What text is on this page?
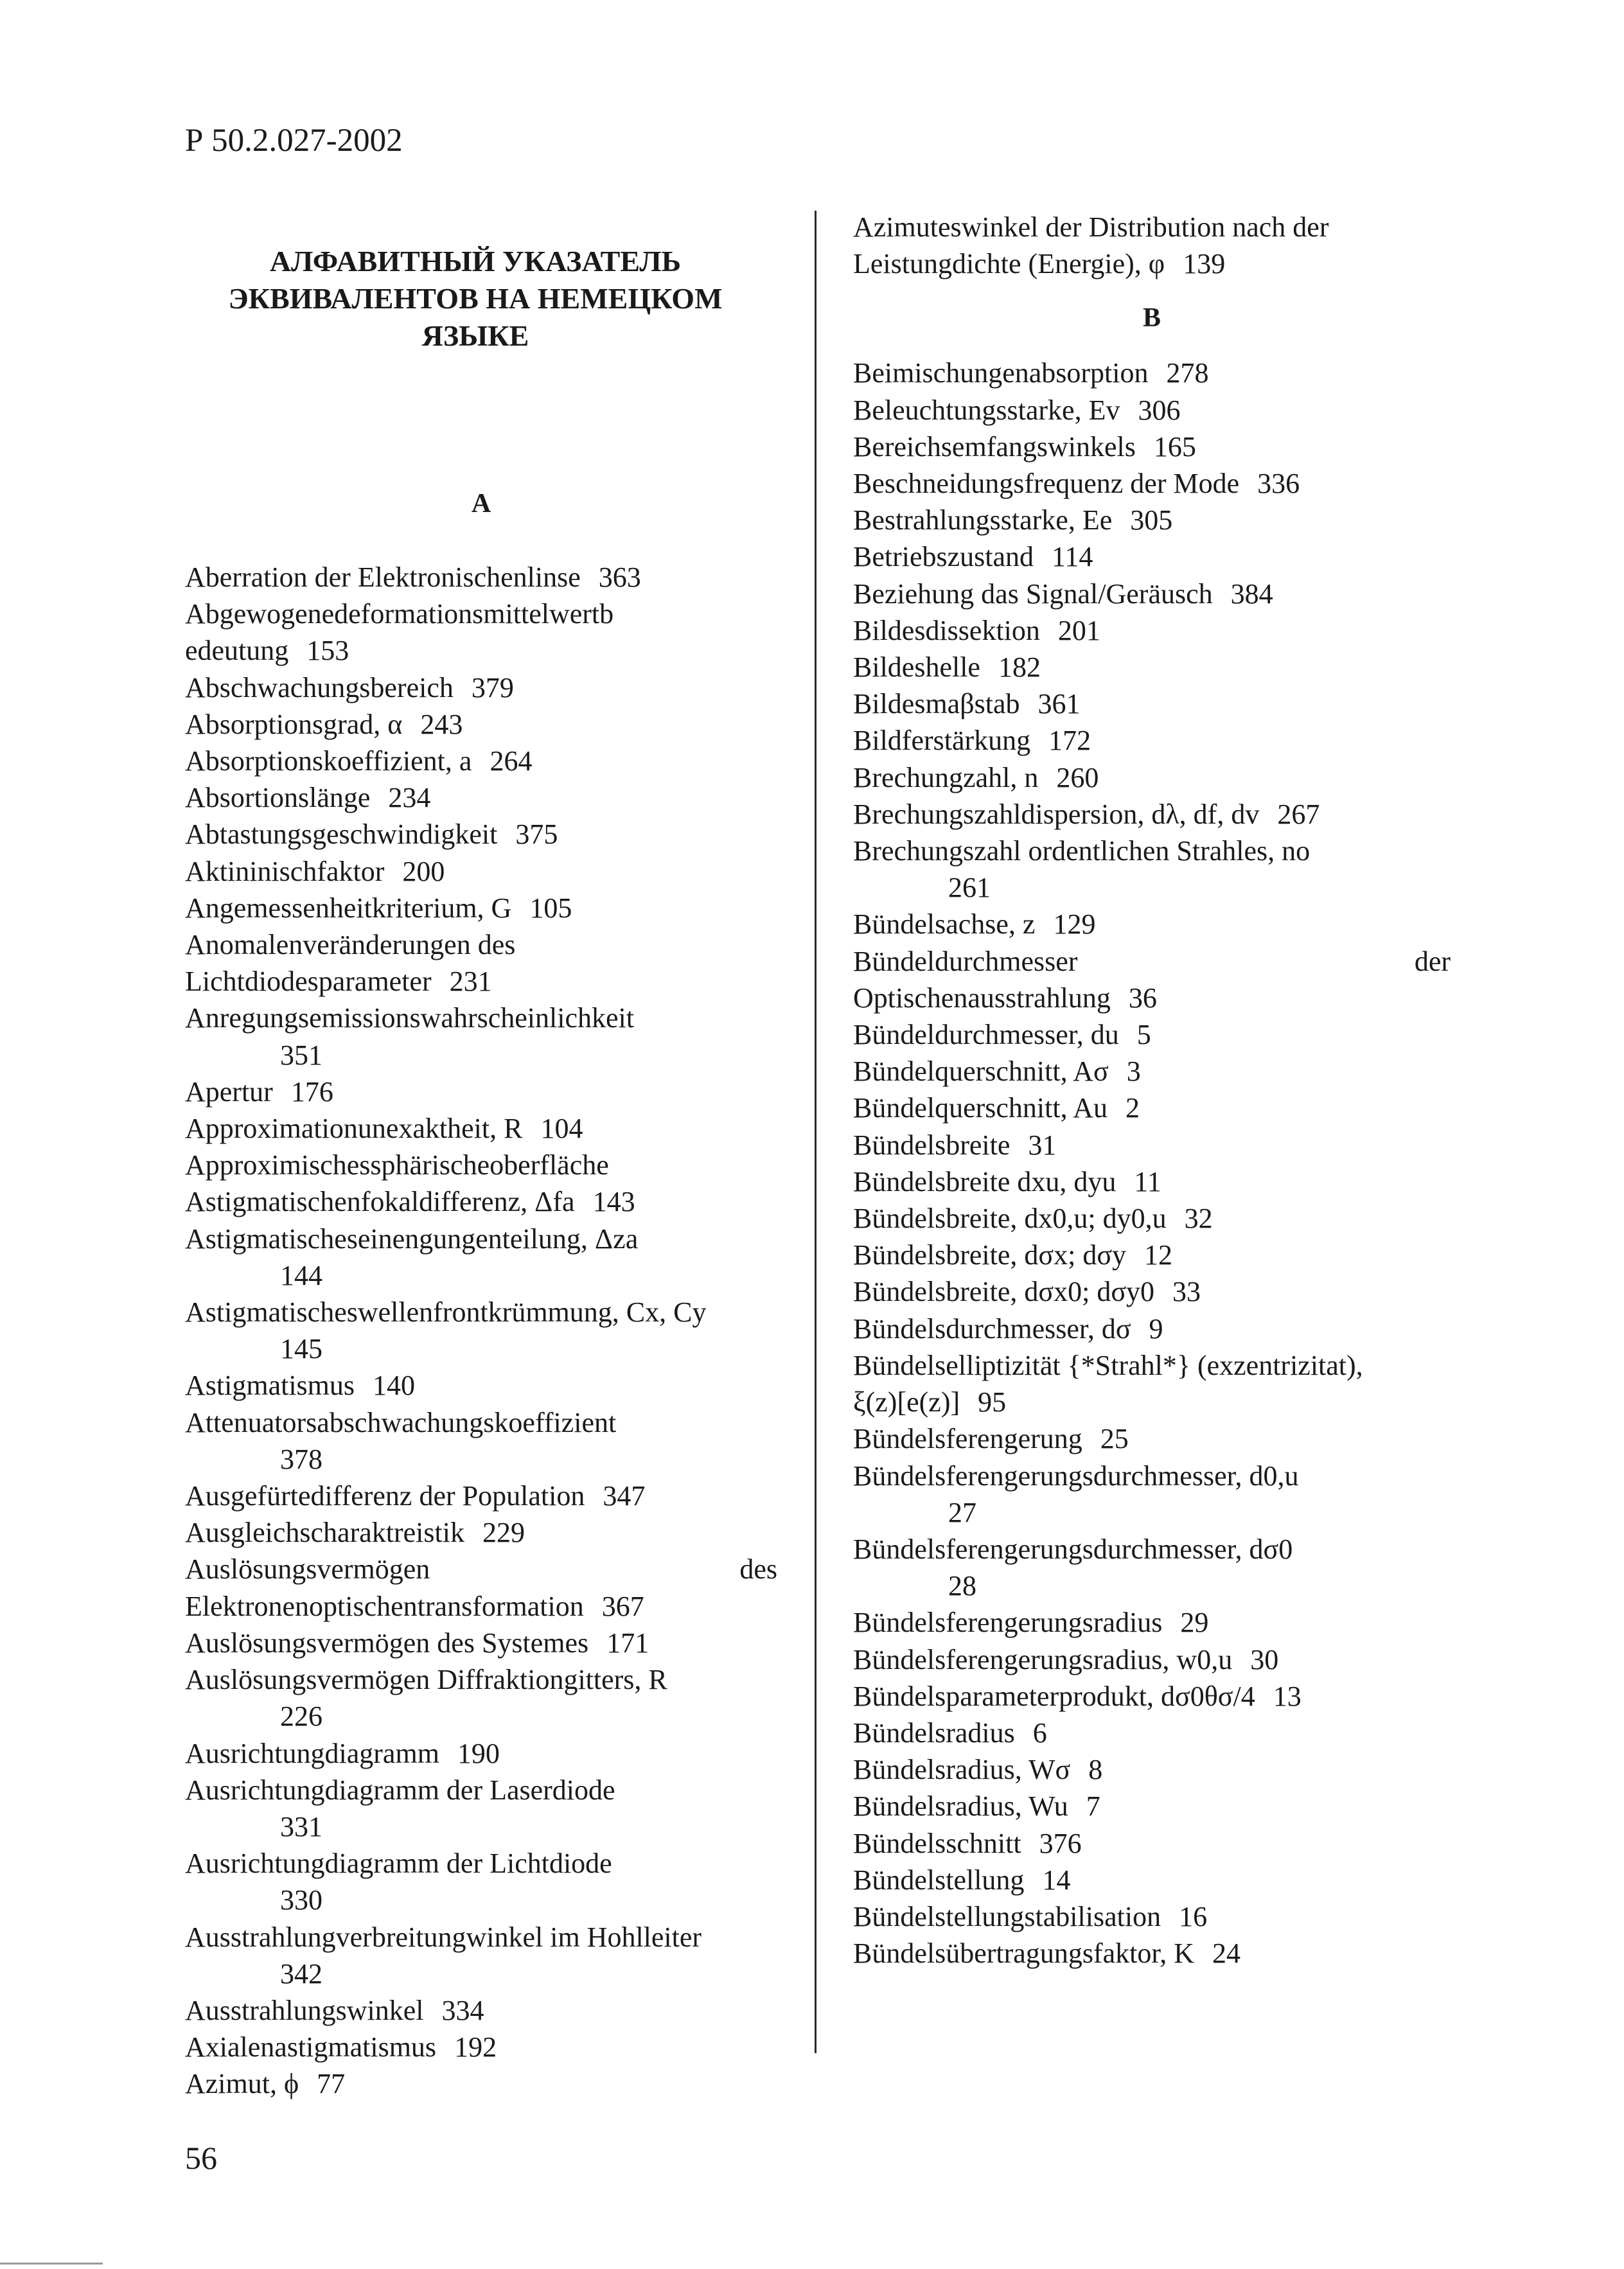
Р 50.2.027-2002
АЛФАВИТНЫЙ УКАЗАТЕЛЬ
ЭКВИВАЛЕНТОВ НА НЕМЕЦКОМ
ЯЗЫКЕ
A
Aberration der Elektronischenlinse 363
Abgewogenedeformationsmittelwertb
edeutung 153
Abschwachungsbereich 379
Absorptionsgrad, α 243
Absorptionskoeffizient, a 264
Absortionslänge 234
Abtastungsgeschwindigkeit 375
Aktininischfaktor 200
Angemessenheitkriterium, G 105
Anomalenveränderungen des
Lichtdiodesparameter 231
Anregungsemissionswahrscheinlichkeit
351
Apertur 176
Approximationunexaktheit, R 104
Approximischessphärischeoberfläche
Astigmatischenfokaldifferenz, Δfa 143
Astigmatischeseinengungenteilung, Δza
144
Astigmatischeswellenfrontkrümmung, Cx, Cy
145
Astigmatismus 140
Attenuatorsabschwachungskoeffizient
378
Ausgefürtedifferenz der Population 347
Ausgleichscharaktreistik 229
Auslösungsvermögen	des
Elektronenoptischentransformation 367
Auslösungsvermögen des Systemes 171
Auslösungsvermögen Diffraktiongitters, R
226
Ausrichtungdiagramm 190
Ausrichtungdiagramm der Laserdiode
331
Ausrichtungdiagramm der Lichtdiode
330
Ausstrahlungverbreitungwinkel im Hohlleiter
342
Ausstrahlungswinkel 334
Axialenastigmatismus 192
Azimut, ϕ 77
Azimuteswinkel der Distribution nach der
Leistungdichte (Energie), φ 139
B
Beimischungenabsorption 278
Beleuchtungsstarke, Ev 306
Bereichsemfangswinkels 165
Beschneidungsfrequenz der Mode 336
Bestrahlungsstarke, Ee 305
Betriebszustand 114
Beziehung das Signal/Geräusch 384
Bildesdissektion 201
Bildeshelle 182
Bildesmaβstab 361
Bildferstärkung 172
Brechungzahl, n 260
Brechungszahldispersion, dλ, df, dv 267
Brechungszahl ordentlichen Strahles, no
261
Bündelsachse, z 129
Bündeldurchmesser	der
Optischenausstrahlung 36
Bündeldurchmesser, du 5
Bündelquerschnitt, Aσ 3
Bündelquerschnitt, Au 2
Bündelsbreite 31
Bündelsbreite dxu, dyu 11
Bündelsbreite, dx0,u; dy0,u 32
Bündelsbreite, dσx; dσy 12
Bündelsbreite, dσx0; dσy0 33
Bündelsdurchmesser, dσ 9
Bündelselliptizität {*Strahl*} (exzentrizitat),
ξ(z)[e(z)] 95
Bündelsferengerung 25
Bündelsferengerungsdurchmesser, d0,u
27
Bündelsferengerungsdurchmesser, dσ0
28
Bündelsferengerungsradius 29
Bündelsferengerungsradius, w0,u 30
Bündelsparameterprodukt, dσ0θσ/4 13
Bündelsradius 6
Bündelsradius, Wσ 8
Bündelsradius, Wu 7
Bündelsschnitt 376
Bündelstellung 14
Bündelstellungstabilisation 16
Bündelsübertragungsfaktor, K 24
56
